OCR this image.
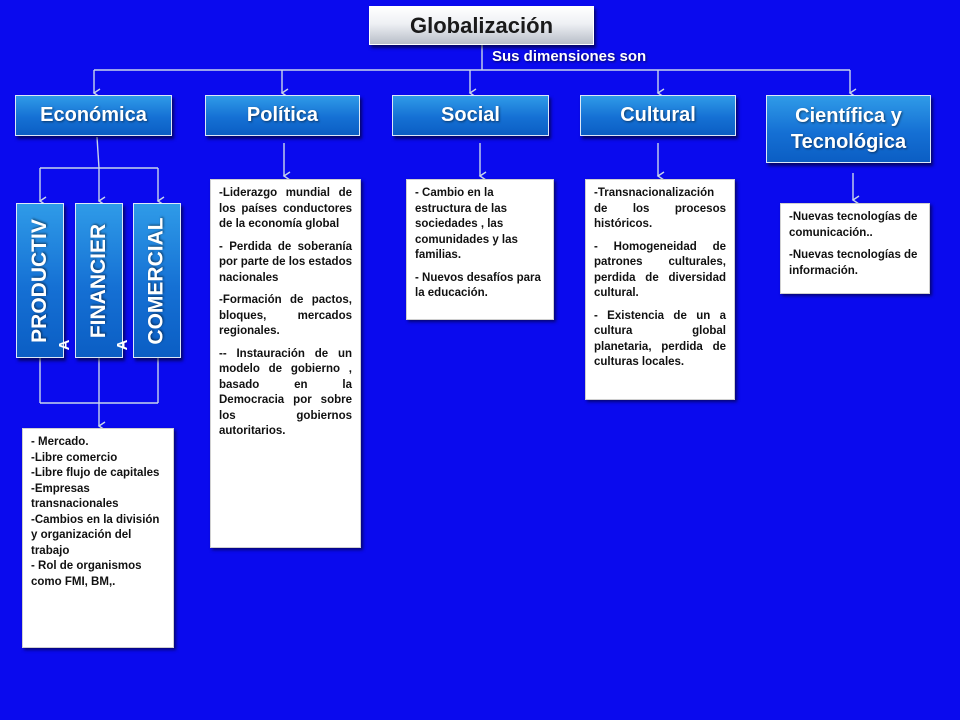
Globalización
Sus dimensiones son
Económica	Política	Social	Cultural	Científica y Tecnológica
PRODUCTIV
A
FINANCIER
A
COMERCIAL

- Mercado.

-Libre comercio

-Libre flujo de capitales

-Empresas transnacionales

-Cambios en la división y organización del trabajo

- Rol de organismos como FMI, BM,.

-Liderazgo mundial de los países conductores de la economía global

- Perdida de soberanía por parte de los estados nacionales

-Formación de pactos, bloques, mercados regionales.

-- Instauración de un modelo de gobierno , basado en la Democracia por sobre los gobiernos autoritarios.

- Cambio en la estructura de las sociedades , las comunidades y las familias.

- Nuevos desafíos para la educación.

-Transnacionalización de los procesos históricos.

- Homogeneidad de patrones culturales, perdida de diversidad cultural.

- Existencia de un a cultura global planetaria, perdida de culturas locales.

-Nuevas tecnologías de comunicación..

-Nuevas tecnologías de información.
